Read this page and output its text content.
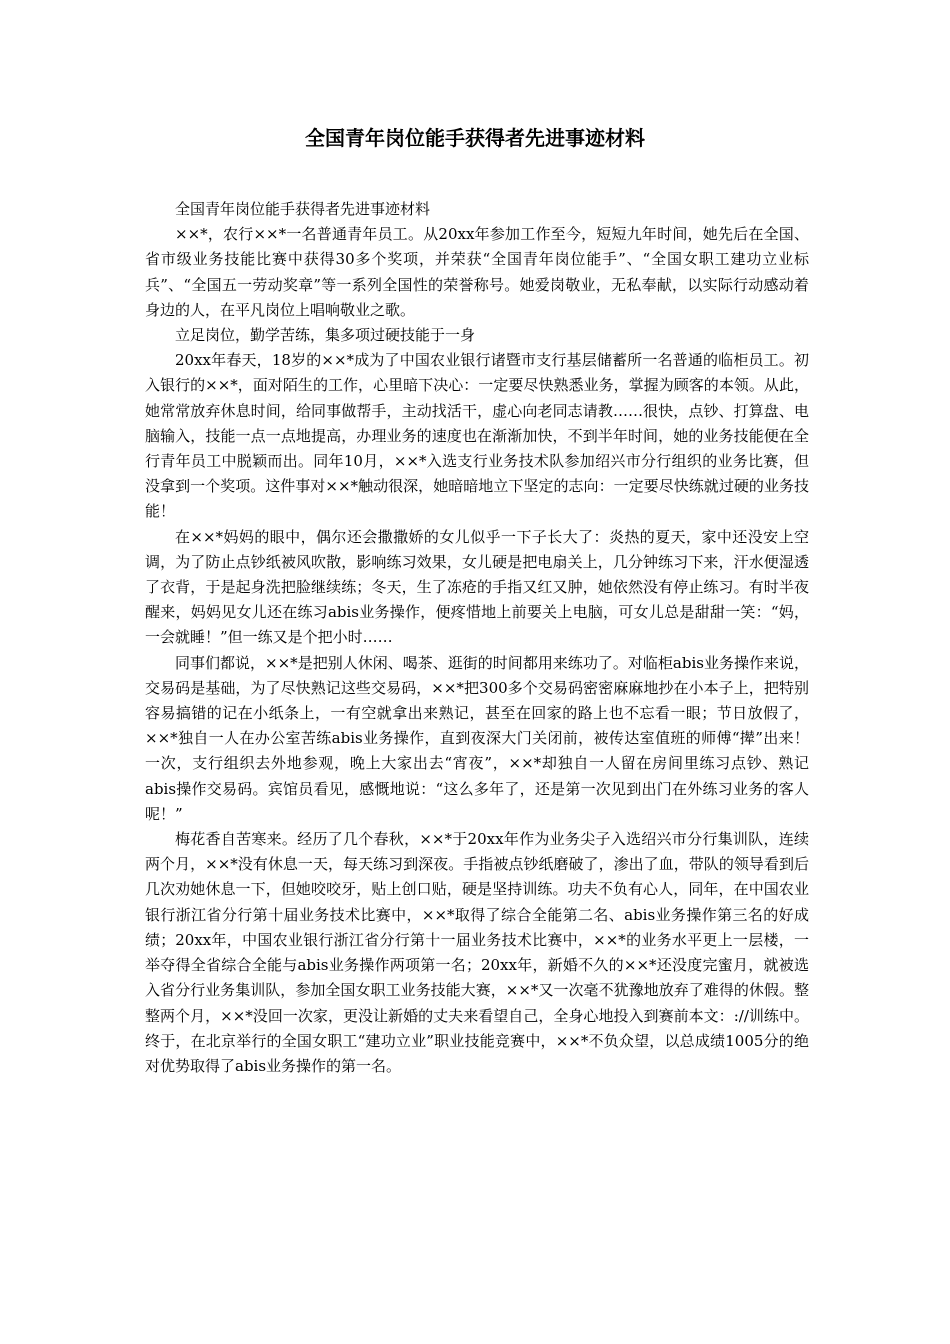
全国青年岗位能手获得者先进事迹材料

全国青年岗位能手获得者先进事迹材料

××*，农行××*一名普通青年员工。从20xx年参加工作至今，短短九年时间，她先后在全国、省市级业务技能比赛中获得30多个奖项，并荣获“全国青年岗位能手”、“全国女职工建功立业标兵”、“全国五一劳动奖章”等一系列全国性的荣誉称号。她爱岗敬业，无私奉献，以实际行动感动着身边的人，在平凡岗位上唱响敬业之歌。

立足岗位，勤学苦练，集多项过硬技能于一身

20xx年春天，18岁的××*成为了中国农业银行诸暨市支行基层储蓄所一名普通的临柜员工。初入银行的××*，面对陌生的工作，心里暗下决心：一定要尽快熟悉业务，掌握为顾客的本领。从此，她常常放弃休息时间，给同事做帮手，主动找活干，虚心向老同志请教……很快，点钞、打算盘、电脑输入，技能一点一点地提高，办理业务的速度也在渐渐加快，不到半年时间，她的业务技能便在全行青年员工中脱颖而出。同年10月，××*入选支行业务技术队参加绍兴市分行组织的业务比赛，但没拿到一个奖项。这件事对××*触动很深，她暗暗地立下坚定的志向：一定要尽快练就过硬的业务技能！

在××*妈妈的眼中，偶尔还会撒撒娇的女儿似乎一下子长大了：炎热的夏天，家中还没安上空调，为了防止点钞纸被风吹散，影响练习效果，女儿硬是把电扇关上，几分钟练习下来，汗水便湿透了衣背，于是起身洗把脸继续练；冬天，生了冻疮的手指又红又肿，她依然没有停止练习。有时半夜醒来，妈妈见女儿还在练习abis业务操作，便疼惜地上前要关上电脑，可女儿总是甜甜一笑：“妈，一会就睡！”但一练又是个把小时……

同事们都说，××*是把别人休闲、喝茶、逛街的时间都用来练功了。对临柜abis业务操作来说，交易码是基础，为了尽快熟记这些交易码，××*把300多个交易码密密麻麻地抄在小本子上，把特别容易搞错的记在小纸条上，一有空就拿出来熟记，甚至在回家的路上也不忘看一眼；节日放假了，××*独自一人在办公室苦练abis业务操作，直到夜深大门关闭前，被传达室值班的师傅“撵”出来！一次，支行组织去外地参观，晚上大家出去“宵夜”，××*却独自一人留在房间里练习点钞、熟记abis操作交易码。宾馆员看见，感慨地说：“这么多年了，还是第一次见到出门在外练习业务的客人呢！”

梅花香自苦寒来。经历了几个春秋，××*于20xx年作为业务尖子入选绍兴市分行集训队，连续两个月，××*没有休息一天，每天练习到深夜。手指被点钞纸磨破了，渗出了血，带队的领导看到后几次劝她休息一下，但她咬咬牙，贴上创口贴，硬是坚持训练。功夫不负有心人，同年，在中国农业银行浙江省分行第十届业务技术比赛中，××*取得了综合全能第二名、abis业务操作第三名的好成绩；20xx年，中国农业银行浙江省分行第十一届业务技术比赛中，××*的业务水平更上一层楼，一举夺得全省综合全能与abis业务操作两项第一名；20xx年，新婚不久的××*还没度完蜜月，就被选入省分行业务集训队，参加全国女职工业务技能大赛，××*又一次毫不犹豫地放弃了难得的休假。整整两个月，××*没回一次家，更没让新婚的丈夫来看望自己，全身心地投入到赛前本文：://训练中。终于，在北京举行的全国女职工“建功立业”职业技能竞赛中，××*不负众望，以总成绩1005分的绝对优势取得了abis业务操作的第一名。
